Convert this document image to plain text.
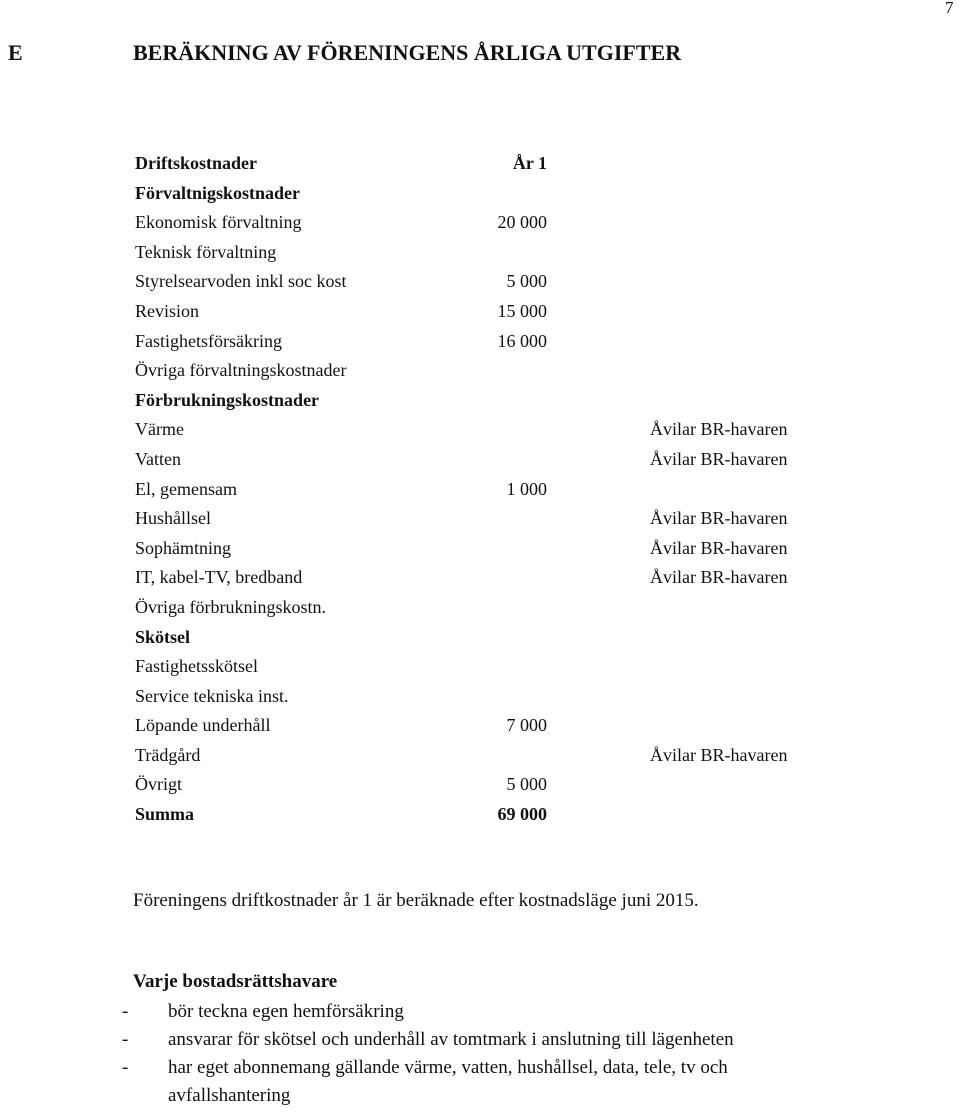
7
E	BERÄKNING AV FÖRENINGENS ÅRLIGA UTGIFTER
Driftskostnader	År 1
Förvaltnigskostnader
Ekonomisk förvaltning	20 000
Teknisk förvaltning
Styrelsearvoden inkl soc kost	5 000
Revision	15 000
Fastighetsförsäkring	16 000
Övriga förvaltningskostnader
Förbrukningskostnader
Värme	Åvilar BR-havaren
Vatten	Åvilar BR-havaren
El, gemensam	1 000
Hushållsel	Åvilar BR-havaren
Sophämtning	Åvilar BR-havaren
IT, kabel-TV, bredband	Åvilar BR-havaren
Övriga förbrukningskostn.
Skötsel
Fastighetsskötsel
Service tekniska inst.
Löpande underhåll	7 000
Trädgård	Åvilar BR-havaren
Övrigt	5 000
Summa	69 000

Föreningens driftkostnader år 1 är beräknade efter kostnadsläge juni 2015.

Varje bostadsrättshavare

- bör teckna egen hemförsäkring
- ansvarar för skötsel och underhåll av tomtmark i anslutning till lägenheten
- har eget abonnemang gällande värme, vatten, hushållsel, data, tele, tv och
avfallshantering
